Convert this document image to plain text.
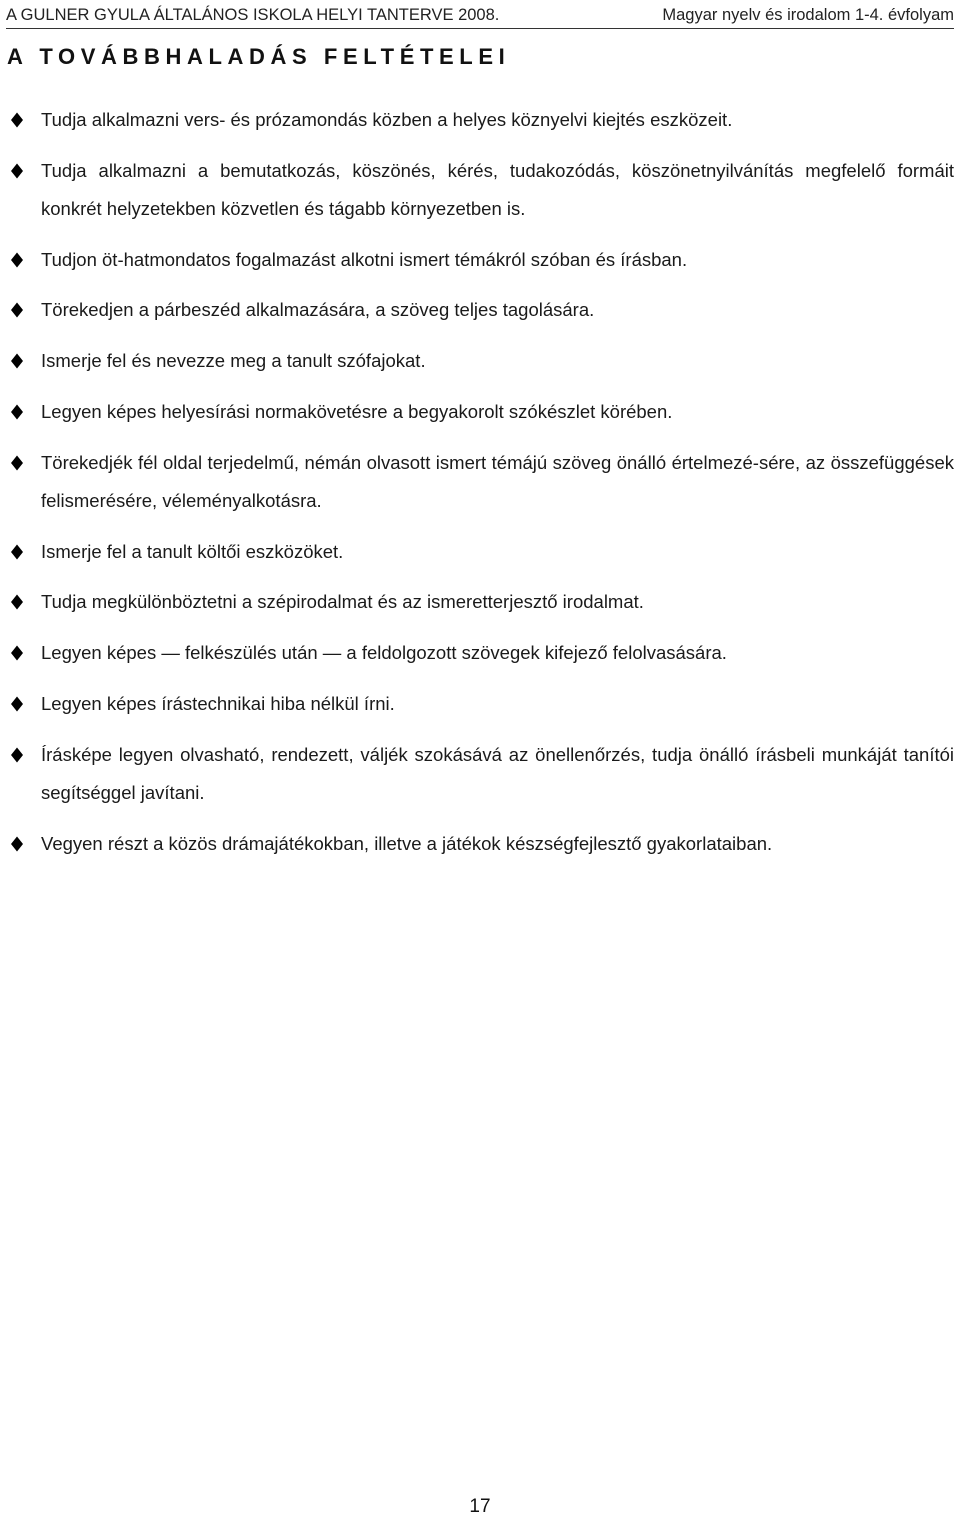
A GULNER GYULA ÁLTALÁNOS ISKOLA HELYI TANTERVE 2008.	Magyar nyelv és irodalom 1-4. évfolyam
A TOVÁBBHALADÁS FELTÉTELEI
Tudja alkalmazni vers- és prózamondás közben a helyes köznyelvi kiejtés eszközeit.
Tudja alkalmazni a bemutatkozás, köszönés, kérés, tudakozódás, köszönetnyilvánítás megfelelő formáit konkrét helyzetekben közvetlen és tágabb környezetben is.
Tudjon öt-hatmondatos fogalmazást alkotni ismert témákról szóban és írásban.
Törekedjen a párbeszéd alkalmazására, a szöveg teljes tagolására.
Ismerje fel és nevezze meg a tanult szófajokat.
Legyen képes helyesírási normakövetésre a begyakorolt szókészlet körében.
Törekedjék fél oldal terjedelmű, némán olvasott ismert témájú szöveg önálló értelmezé-sére, az összefüggések felismerésére, véleményalkotásra.
Ismerje fel a tanult költői eszközöket.
Tudja megkülönböztetni a szépirodalmat és az ismeretterjesztő irodalmat.
Legyen képes — felkészülés után — a feldolgozott szövegek kifejező felolvasására.
Legyen képes írástechnikai hiba nélkül írni.
Írásképe legyen olvasható, rendezett, váljék szokásává az önellenőrzés, tudja önálló írásbeli munkáját tanítói segítséggel javítani.
Vegyen részt a közös drámajátékokban, illetve a játékok készségfejlesztő gyakorlataiban.
17
